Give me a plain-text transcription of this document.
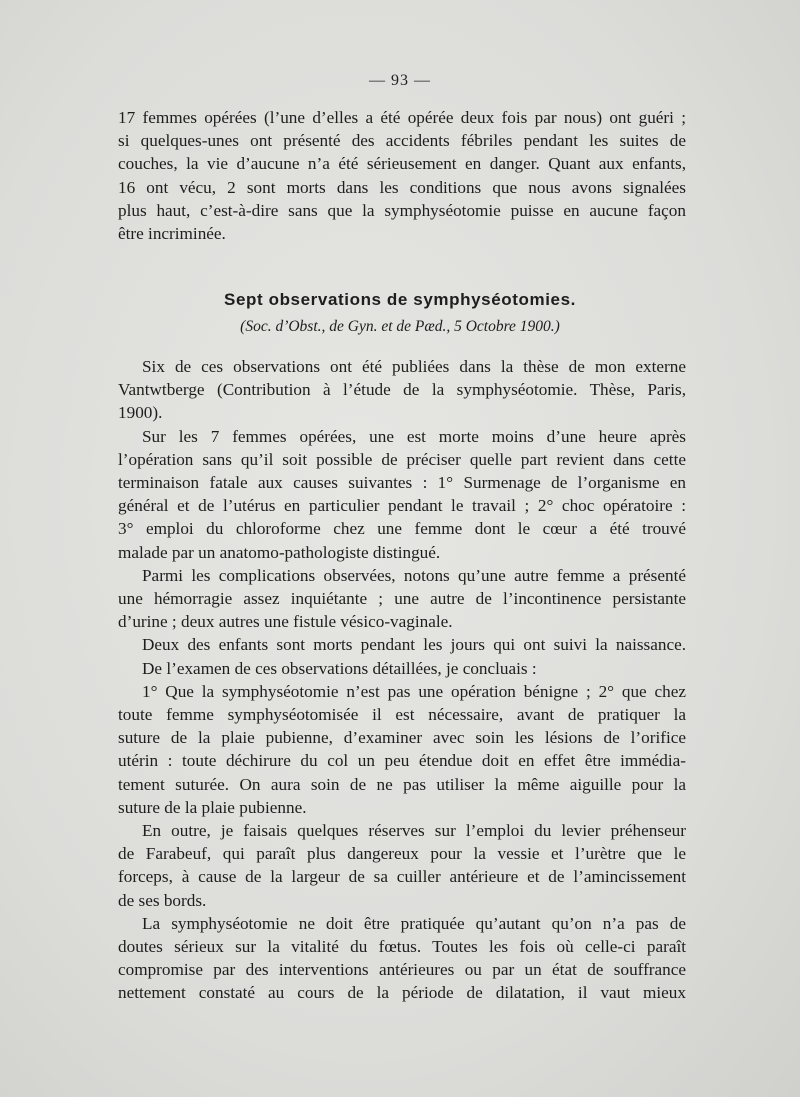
— 93 —
17 femmes opérées (l’une d’elles a été opérée deux fois par nous) ont guéri ;
si quelques-unes ont présenté des accidents fébriles pendant les suites de
couches, la vie d’aucune n’a été sérieusement en danger. Quant aux enfants,
16 ont vécu, 2 sont morts dans les conditions que nous avons signalées
plus haut, c’est-à-dire sans que la symphyséotomie puisse en aucune façon
être incriminée.
Sept observations de symphyséotomies.
(Soc. d’Obst., de Gyn. et de Pæd., 5 Octobre 1900.)
Six de ces observations ont été publiées dans la thèse de mon externe
Vantwtberge (Contribution à l’étude de la symphyséotomie. Thèse, Paris,
1900).
Sur les 7 femmes opérées, une est morte moins d’une heure après
l’opération sans qu’il soit possible de préciser quelle part revient dans cette
terminaison fatale aux causes suivantes : 1° Surmenage de l’organisme en
général et de l’utérus en particulier pendant le travail ; 2° choc opératoire :
3° emploi du chloroforme chez une femme dont le cœur a été trouvé
malade par un anatomo-pathologiste distingué.
Parmi les complications observées, notons qu’une autre femme a présenté
une hémorragie assez inquiétante ; une autre de l’incontinence persistante
d’urine ; deux autres une fistule vésico-vaginale.
Deux des enfants sont morts pendant les jours qui ont suivi la naissance.
De l’examen de ces observations détaillées, je concluais :
1° Que la symphyséotomie n’est pas une opération bénigne ; 2° que chez
toute femme symphyséotomisée il est nécessaire, avant de pratiquer la
suture de la plaie pubienne, d’examiner avec soin les lésions de l’orifice
utérin : toute déchirure du col un peu étendue doit en effet être immédia-
tement suturée. On aura soin de ne pas utiliser la même aiguille pour la
suture de la plaie pubienne.
En outre, je faisais quelques réserves sur l’emploi du levier préhenseur
de Farabeuf, qui paraît plus dangereux pour la vessie et l’urètre que le
forceps, à cause de la largeur de sa cuiller antérieure et de l’amincissement
de ses bords.
La symphyséotomie ne doit être pratiquée qu’autant qu’on n’a pas de
doutes sérieux sur la vitalité du fœtus. Toutes les fois où celle-ci paraît
compromise par des interventions antérieures ou par un état de souffrance
nettement constaté au cours de la période de dilatation, il vaut mieux
